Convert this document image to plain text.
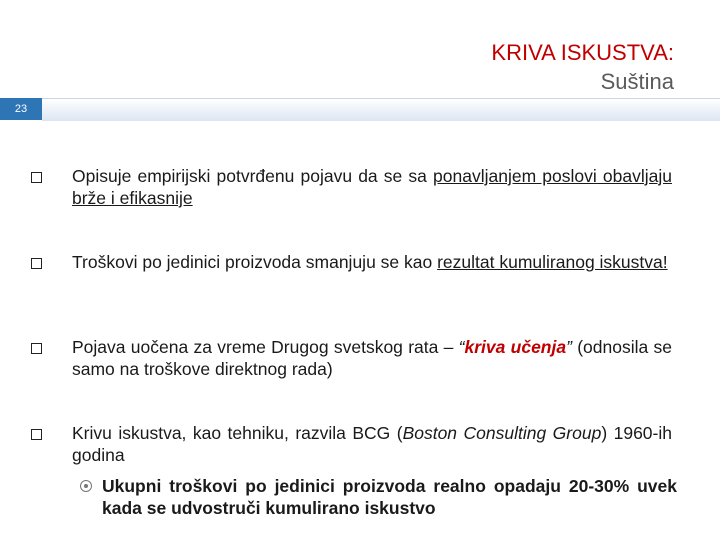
KRIVA ISKUSTVA:
Suština
23
Opisuje empirijski potvrđenu pojavu da se sa ponavljanjem poslovi obavljaju brže i efikasnije
Troškovi po jedinici proizvoda smanjuju se kao rezultat kumuliranog iskustva!
Pojava uočena za vreme Drugog svetskog rata – “kriva učenja” (odnosila se samo na troškove direktnog rada)
Krivu iskustva, kao tehniku, razvila BCG (Boston Consulting Group) 1960-ih godina
Ukupni troškovi po jedinici proizvoda realno opadaju 20-30% uvek kada se udvostruči kumulirano iskustvo
